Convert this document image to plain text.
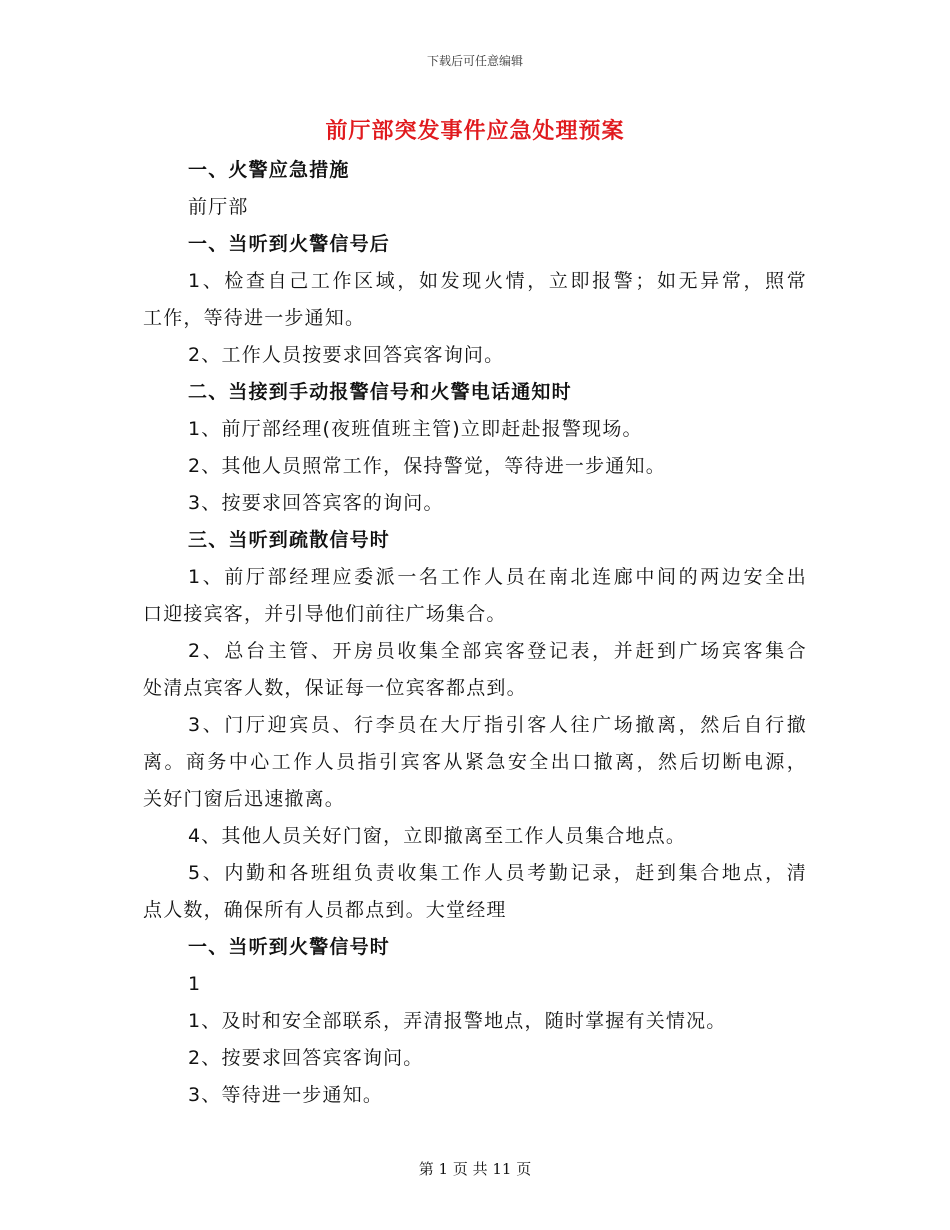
下载后可任意编辑
前厅部突发事件应急处理预案
一、火警应急措施
前厅部
一、当听到火警信号后
1、检查自己工作区域，如发现火情，立即报警；如无异常，照常
工作，等待进一步通知。
2、工作人员按要求回答宾客询问。
二、当接到手动报警信号和火警电话通知时
1、前厅部经理(夜班值班主管)立即赶赴报警现场。
2、其他人员照常工作，保持警觉，等待进一步通知。
3、按要求回答宾客的询问。
三、当听到疏散信号时
1、前厅部经理应委派一名工作人员在南北连廊中间的两边安全出
口迎接宾客，并引导他们前往广场集合。
2、总台主管、开房员收集全部宾客登记表，并赶到广场宾客集合
处清点宾客人数，保证每一位宾客都点到。
3、门厅迎宾员、行李员在大厅指引客人往广场撤离，然后自行撤
离。商务中心工作人员指引宾客从紧急安全出口撤离，然后切断电源，
关好门窗后迅速撤离。
4、其他人员关好门窗，立即撤离至工作人员集合地点。
5、内勤和各班组负责收集工作人员考勤记录，赶到集合地点，清
点人数，确保所有人员都点到。大堂经理
一、当听到火警信号时
1
1、及时和安全部联系，弄清报警地点，随时掌握有关情况。
2、按要求回答宾客询问。
3、等待进一步通知。
第 1 页 共 11 页
